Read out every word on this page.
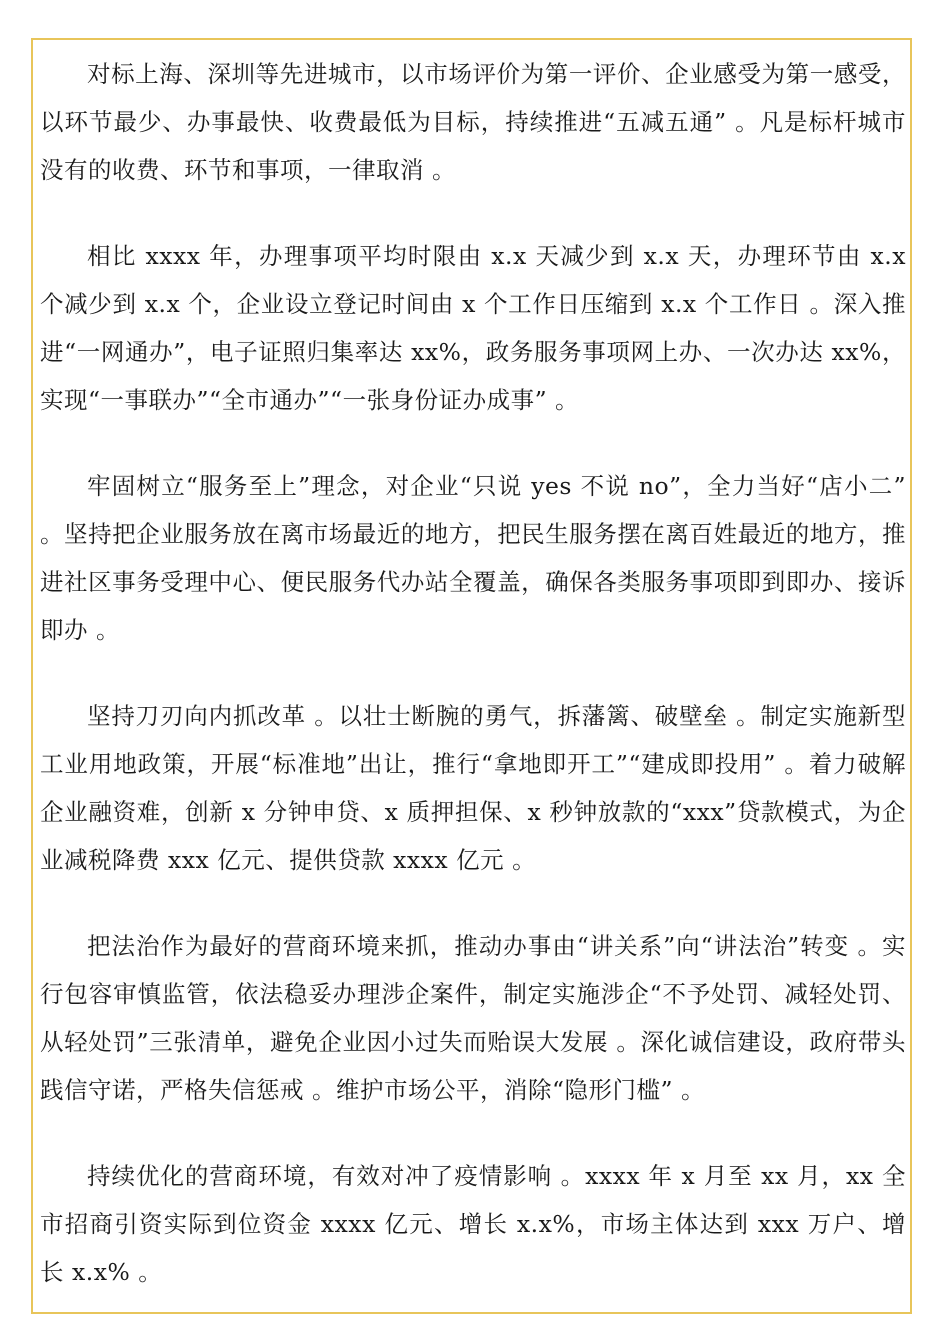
对标上海、深圳等先进城市，以市场评价为第一评价、企业感受为第一感受，以环节最少、办事最快、收费最低为目标，持续推进“五减五通” 。凡是标杆城市没有的收费、环节和事项，一律取消 。

相比 xxxx 年，办理事项平均时限由 x.x 天减少到 x.x 天，办理环节由 x.x 个减少到 x.x 个，企业设立登记时间由 x 个工作日压缩到 x.x 个工作日 。深入推进“一网通办”，电子证照归集率达 xx%，政务服务事项网上办、一次办达 xx%，实现“一事联办”“全市通办”“一张身份证办成事” 。

牢固树立“服务至上”理念，对企业“只说 yes 不说 no”，全力当好“店小二” 。坚持把企业服务放在离市场最近的地方，把民生服务摆在离百姓最近的地方，推进社区事务受理中心、便民服务代办站全覆盖，确保各类服务事项即到即办、接诉即办 。

坚持刀刃向内抓改革 。以壮士断腕的勇气，拆藩篱、破壁垒 。制定实施新型工业用地政策，开展“标准地”出让，推行“拿地即开工”“建成即投用” 。着力破解企业融资难，创新 x 分钟申贷、x 质押担保、x 秒钟放款的“xxx”贷款模式，为企业减税降费 xxx 亿元、提供贷款 xxxx 亿元 。

把法治作为最好的营商环境来抓，推动办事由“讲关系”向“讲法治”转变 。实行包容审慎监管，依法稳妥办理涉企案件，制定实施涉企“不予处罚、减轻处罚、从轻处罚”三张清单，避免企业因小过失而贻误大发展 。深化诚信建设，政府带头践信守诺，严格失信惩戒 。维护市场公平，消除“隐形门槛” 。

持续优化的营商环境，有效对冲了疫情影响 。xxxx 年 x 月至 xx 月，xx 全市招商引资实际到位资金 xxxx 亿元、增长 x.x%，市场主体达到 xxx 万户、增长 x.x% 。
